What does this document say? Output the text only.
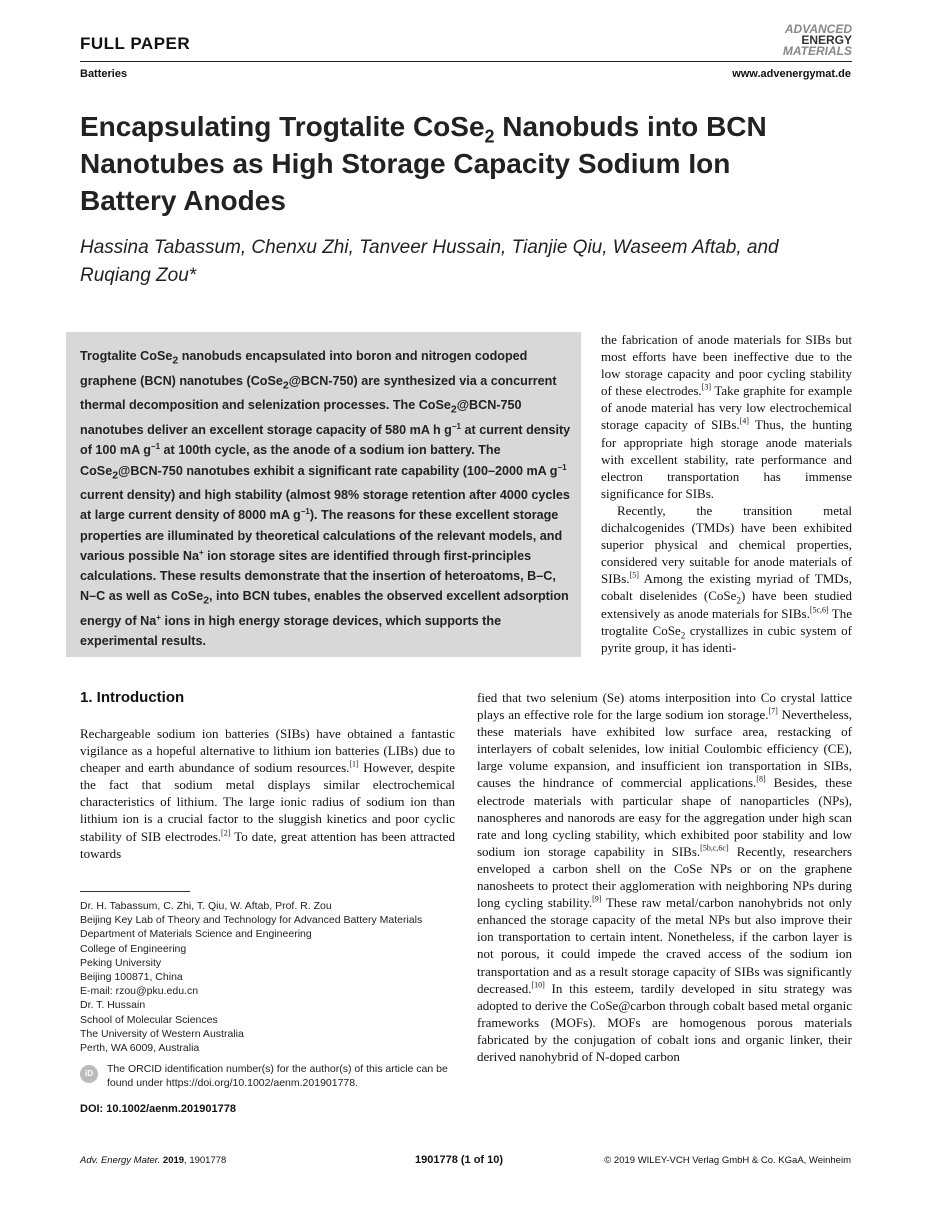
FULL PAPER
ADVANCED
ENERGY
MATERIALS
Batteries	www.advenergymat.de
Encapsulating Trogtalite CoSe$_2$ Nanobuds into BCN Nanotubes as High Storage Capacity Sodium Ion Battery Anodes
Hassina Tabassum, Chenxu Zhi, Tanveer Hussain, Tianjie Qiu, Waseem Aftab, and Ruqiang Zou*
Trogtalite CoSe$_2$ nanobuds encapsulated into boron and nitrogen codoped graphene (BCN) nanotubes (CoSe$_2$@BCN-750) are synthesized via a concurrent thermal decomposition and selenization processes. The CoSe$_2$@BCN-750 nanotubes deliver an excellent storage capacity of 580 mA h $g^{-1}$ at current density of 100 mA $g^{-1}$ at 100th cycle, as the anode of a sodium ion battery. The CoSe$_2$@BCN-750 nanotubes exhibit a significant rate capability (100–2000 mA $g^{-1}$ current density) and high stability (almost 98% storage retention after 4000 cycles at large current density of 8000 mA $g^{-1}$). The reasons for these excellent storage properties are illuminated by theoretical calculations of the relevant models, and various possible Na+ ion storage sites are identified through first-principles calculations. These results demonstrate that the insertion of heteroatoms, B–C, N–C as well as CoSe$_2$, into BCN tubes, enables the observed excellent adsorption energy of Na+ ions in high energy storage devices, which supports the experimental results.

the fabrication of anode materials for SIBs but most efforts have been ineffective due to the low storage capacity and poor cycling stability of these electrodes.[3] Take graphite for example of anode material has very low electrochemical storage capacity of SIBs.[4] Thus, the hunting for appropriate high storage anode materials with excellent stability, rate performance and electron transportation has immense significance for SIBs.

Recently, the transition metal dichalcogenides (TMDs) have been exhibited superior physical and chemical properties, considered very suitable for anode materials of SIBs.[5] Among the existing myriad of TMDs, cobalt diselenides (CoSe$_2$) have been studied extensively as anode materials for SIBs.[5c,6] The trogtalite CoSe$_2$ crystallizes in cubic system of pyrite group, it has identi-

1. Introduction

Rechargeable sodium ion batteries (SIBs) have obtained a fantastic vigilance as a hopeful alternative to lithium ion batteries (LIBs) due to cheaper and earth abundance of sodium resources.[1] However, despite the fact that sodium metal displays similar electrochemical characteristics of lithium. The large ionic radius of sodium ion than lithium ion is a crucial factor to the sluggish kinetics and poor cyclic stability of SIB electrodes.[2] To date, great attention has been attracted towards

fied that two selenium (Se) atoms interposition into Co crystal lattice plays an effective role for the large sodium ion storage.[7] Nevertheless, these materials have exhibited low surface area, restacking of interlayers of cobalt selenides, low initial Coulombic efficiency (CE), large volume expansion, and insufficient ion transportation in SIBs, causes the hindrance of commercial applications.[8] Besides, these electrode materials with particular shape of nanoparticles (NPs), nanospheres and nanorods are easy for the aggregation under high scan rate and long cycling stability, which exhibited poor stability and low sodium ion storage capability in SIBs.[5b,c,6c] Recently, researchers enveloped a carbon shell on the CoSe NPs or on the graphene nanosheets to protect their agglomeration with neighboring NPs during long cycling stability.[9] These raw metal/carbon nanohybrids not only enhanced the storage capacity of the metal NPs but also improve their ion transportation to certain intent. Nonetheless, if the carbon layer is not porous, it could impede the craved access of the sodium ion transportation and as a result storage capacity of SIBs was significantly decreased.[10] In this esteem, tardily developed in situ strategy was adopted to derive the CoSe@carbon through cobalt based metal organic frameworks (MOFs). MOFs are homogenous porous materials fabricated by the conjugation of cobalt ions and organic linker, their derived nanohybrid of N-doped carbon

Dr. H. Tabassum, C. Zhi, T. Qiu, W. Aftab, Prof. R. Zou
Beijing Key Lab of Theory and Technology for Advanced Battery Materials
Department of Materials Science and Engineering
College of Engineering
Peking University
Beijing 100871, China
E-mail: rzou@pku.edu.cn
Dr. T. Hussain
School of Molecular Sciences
The University of Western Australia
Perth, WA 6009, Australia
iD	The ORCID identification number(s) for the author(s) of this article can be found under https://doi.org/10.1002/aenm.201901778.
DOI: 10.1002/aenm.201901778
Adv. Energy Mater. 2019, 1901778	1901778 (1 of 10)	© 2019 WILEY-VCH Verlag GmbH & Co. KGaA, Weinheim
